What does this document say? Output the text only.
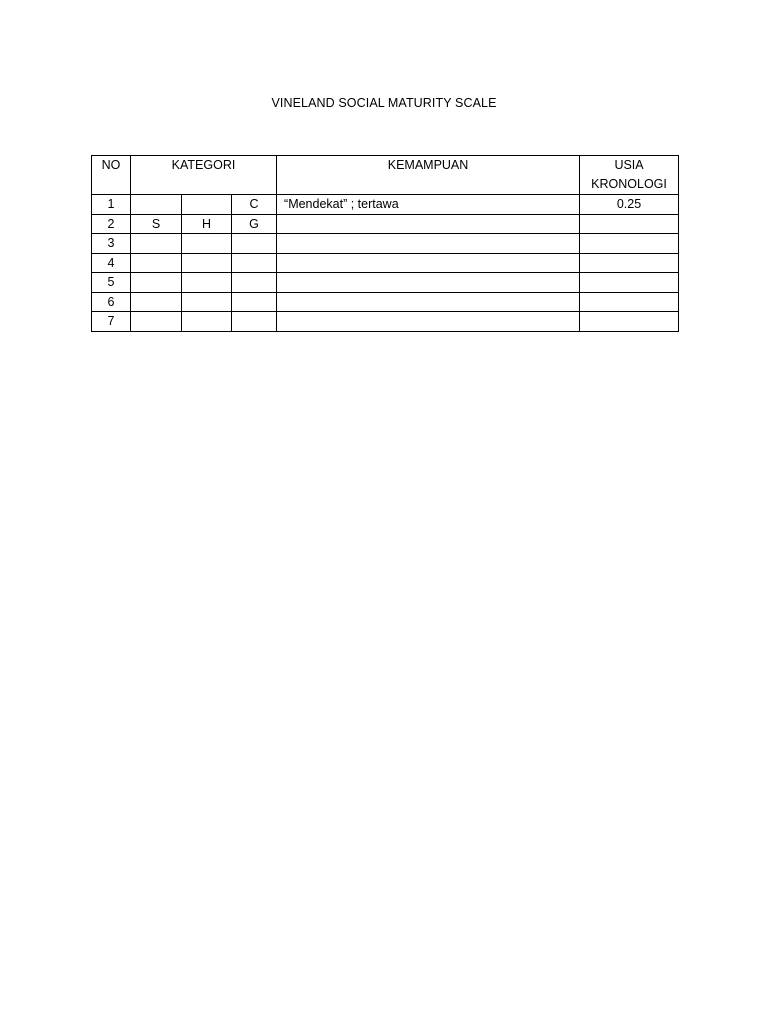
VINELAND SOCIAL MATURITY SCALE
NO	KATEGORI			KEMAMPUAN	USIA
KRONOLOGI
1			C	“Mendekat” ; tertawa	0.25
2	S	H	G		
3					
4					
5					
6					
7					
